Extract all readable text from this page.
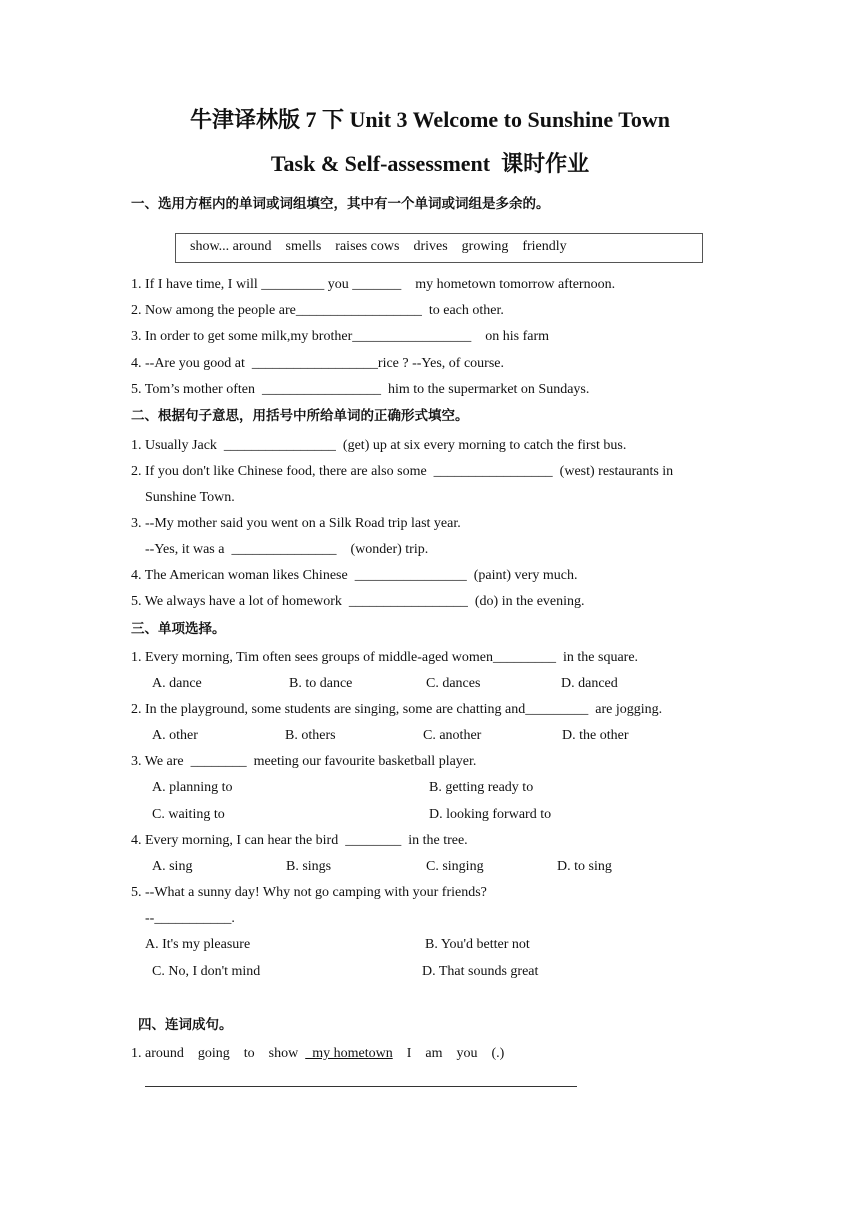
牛津译林版 7 下 Unit 3 Welcome to Sunshine Town
Task & Self-assessment  课时作业
一、选用方框内的单词或词组填空，其中有一个单词或词组是多余的。
show... around    smells    raises cows    drives    growing    friendly
1. If I have time, I will _________ you _______    my hometown tomorrow afternoon.
2. Now among the people are__________________  to each other.
3. In order to get some milk,my brother_________________    on his farm
4. --Are you good at  __________________rice ? --Yes, of course.
5. Tom’s mother often  _________________  him to the supermarket on Sundays.
二、根据句子意思，用括号中所给单词的正确形式填空。
1. Usually Jack  ________________  (get) up at six every morning to catch the first bus.
2. If you don't like Chinese food, there are also some  _________________  (west) restaurants in
Sunshine Town.
3. --My mother said you went on a Silk Road trip last year.
--Yes, it was a  _______________    (wonder) trip.
4. The American woman likes Chinese  ________________  (paint) very much.
5. We always have a lot of homework  _________________  (do) in the evening.
三、单项选择。
1. Every morning, Tim often sees groups of middle-aged women_________  in the square.
A. dance	B. to dance	C. dances	D. danced
2. In the playground, some students are singing, some are chatting and_________  are jogging.
A. other	B. others	C. another	D. the other
3. We are  ________  meeting our favourite basketball player.
A. planning to	B. getting ready to
C. waiting to	D. looking forward to
4. Every morning, I can hear the bird  ________  in the tree.
A. sing	B. sings	C. singing	D. to sing
5. --What a sunny day! Why not go camping with your friends?
--___________.
A. It's my pleasure	B. You'd better not
C. No, I don't mind	D. That sounds great
四、连词成句。
1. around    going    to    show    my hometown    I    am    you    (.)
